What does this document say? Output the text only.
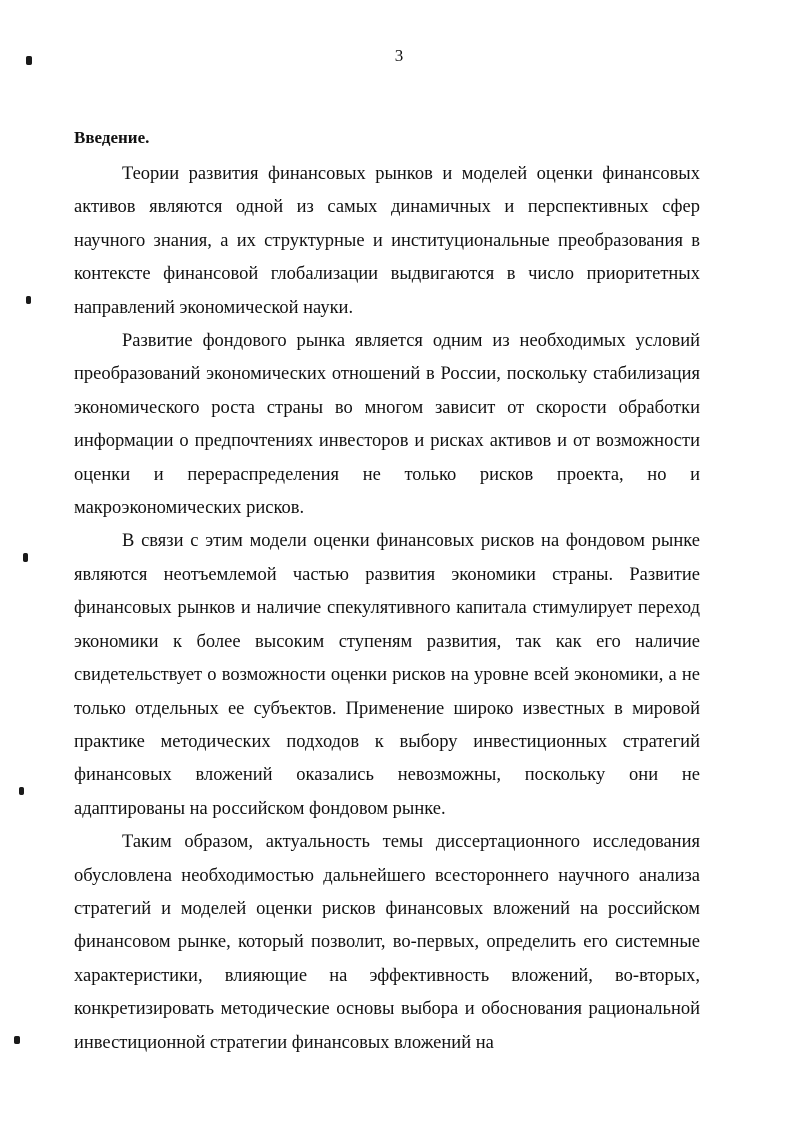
3
Введение.

Теории развития финансовых рынков и моделей оценки финансовых активов являются одной из самых динамичных и перспективных сфер научного знания, а их структурные и институциональные преобразования в контексте финансовой глобализации выдвигаются в число приоритетных направлений экономической науки.

Развитие фондового рынка является одним из необходимых условий преобразований экономических отношений в России, поскольку стабилизация экономического роста страны во многом зависит от скорости обработки информации о предпочтениях инвесторов и рисках активов и от возможности оценки и перераспределения не только рисков проекта, но и макроэкономических рисков.

В связи с этим модели оценки финансовых рисков на фондовом рынке являются неотъемлемой частью развития экономики страны. Развитие финансовых рынков и наличие спекулятивного капитала стимулирует переход экономики к более высоким ступеням развития, так как его наличие свидетельствует о возможности оценки рисков на уровне всей экономики, а не только отдельных ее субъектов. Применение широко известных в мировой практике методических подходов к выбору инвестиционных стратегий финансовых вложений оказались невозможны, поскольку они не адаптированы на российском фондовом рынке.

Таким образом, актуальность темы диссертационного исследования обусловлена необходимостью дальнейшего всестороннего научного анализа стратегий и моделей оценки рисков финансовых вложений на российском финансовом рынке, который позволит, во-первых, определить его системные характеристики, влияющие на эффективность вложений, во-вторых, конкретизировать методические основы выбора и обоснования рациональной инвестиционной стратегии финансовых вложений на
